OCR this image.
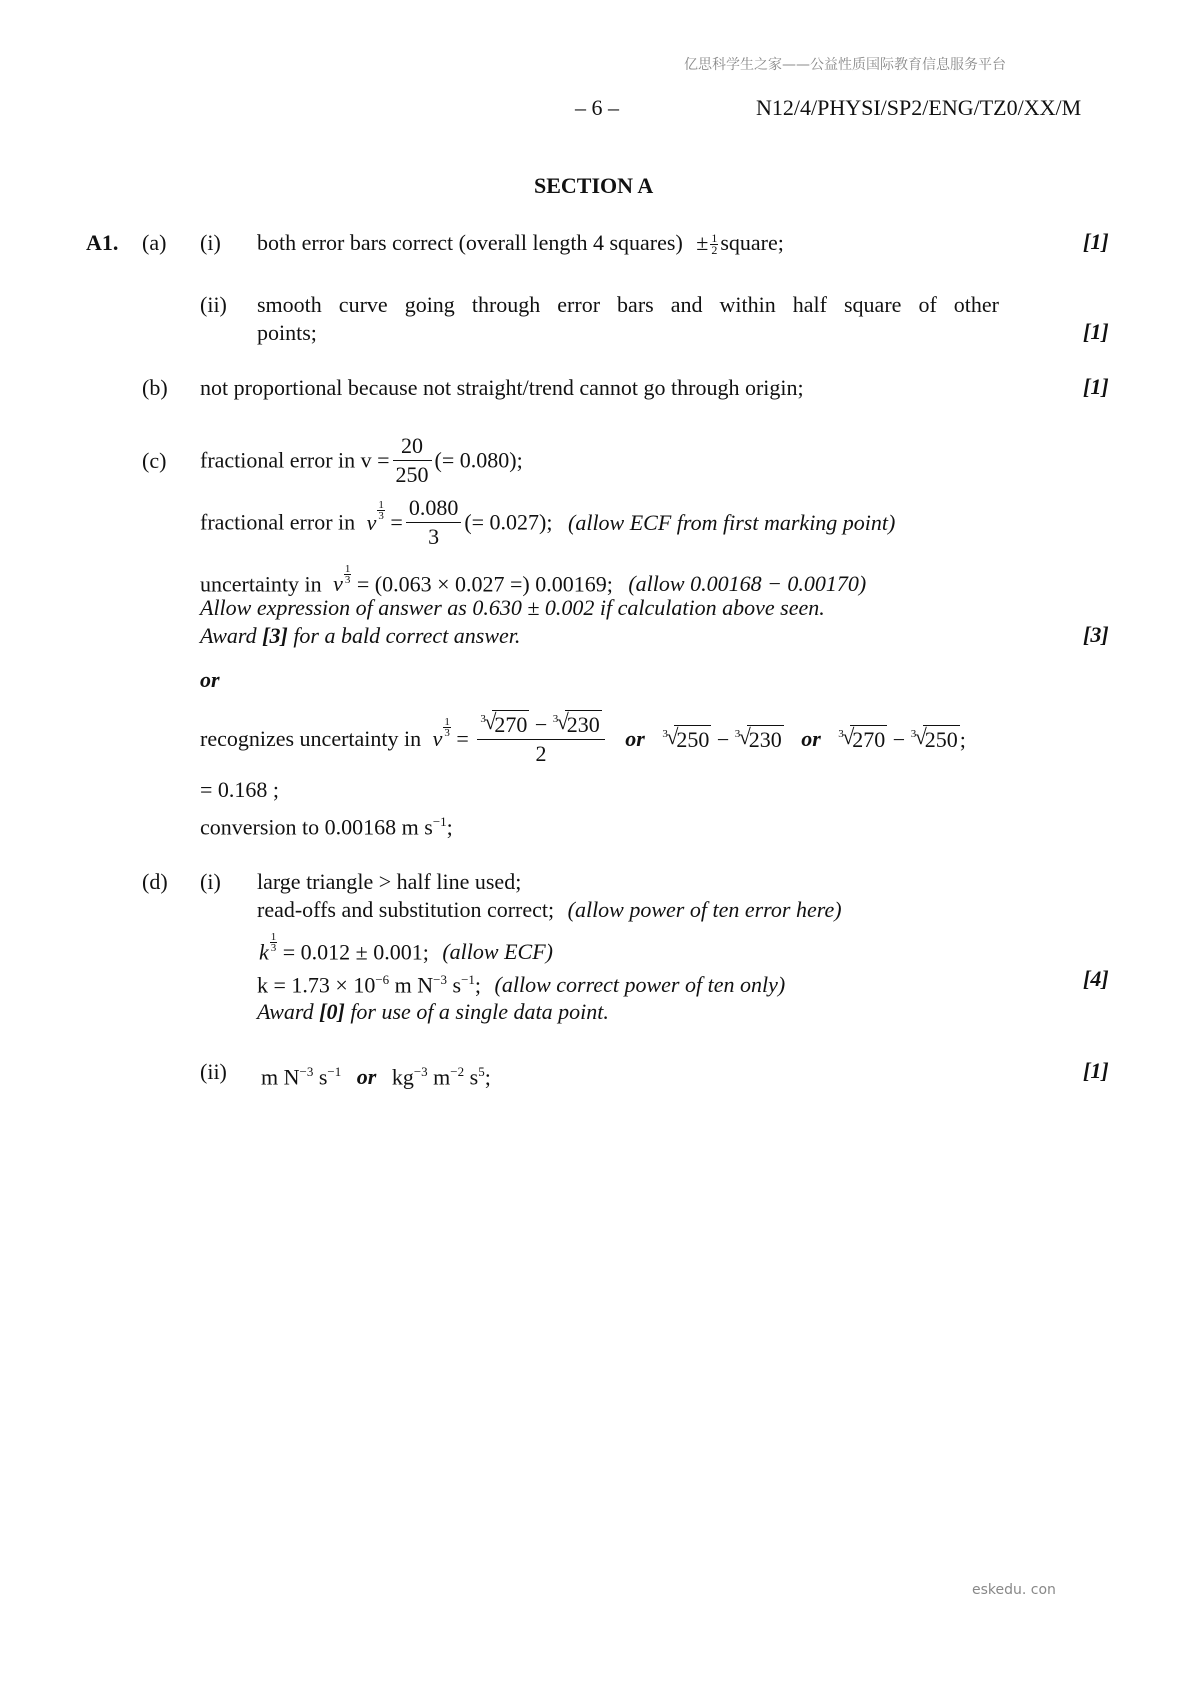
亿思科学生之家——公益性质国际教育信息服务平台
– 6 –	N12/4/PHYSI/SP2/ENG/TZ0/XX/M
SECTION A
A1. (a) (i) both error bars correct (overall length 4 squares) ± $\frac{1}{2}$ square;	[1]
(ii) smooth curve going through error bars and within half square of other
points;	[1]
(b) not proportional because not straight/trend cannot go through origin;	[1]
(c) fractional error in $v = \frac{20}{250}$ (= 0.080);
fractional error in v $\frac{1}{3} = \frac{0.080}{3}$ (= 0.027); (allow ECF from first marking point)
uncertainty in v $\frac{1}{3} = (0.063 \times 0.027$ =) 0.00169; (allow 0.00168 − 0.00170)
Allow expression of answer as 0.630 ± 0.002 if calculation above seen.
Award [3] for a bald correct answer.	[3]
or
recognizes uncertainty in v $\frac{1}{3} = 3$
√
270 − 3
√
230
2 or 3
√
250 − 3
√
230 or 3
√
270 − 3
√
250;
= 0.168 ;
conversion to 0.00168 m $s^{-1}$;
(d) (i) large triangle > half line used;
read-offs and substitution correct; (allow power of ten error here)
k $\frac{1}{3} = 0.012 \pm 0.001$; (allow ECF)
$k = 1.73 \times 10^{-6}$ m $N^{-3}$ $s^{-1}$; (allow correct power of ten only)	[4]
Award [0] for use of a single data point.
(ii) m $N^{-3}$ $s^{-1}$ or $kg^{-3}$ $m^{-2}$ $s^5$;	[1]
eskedu. con
